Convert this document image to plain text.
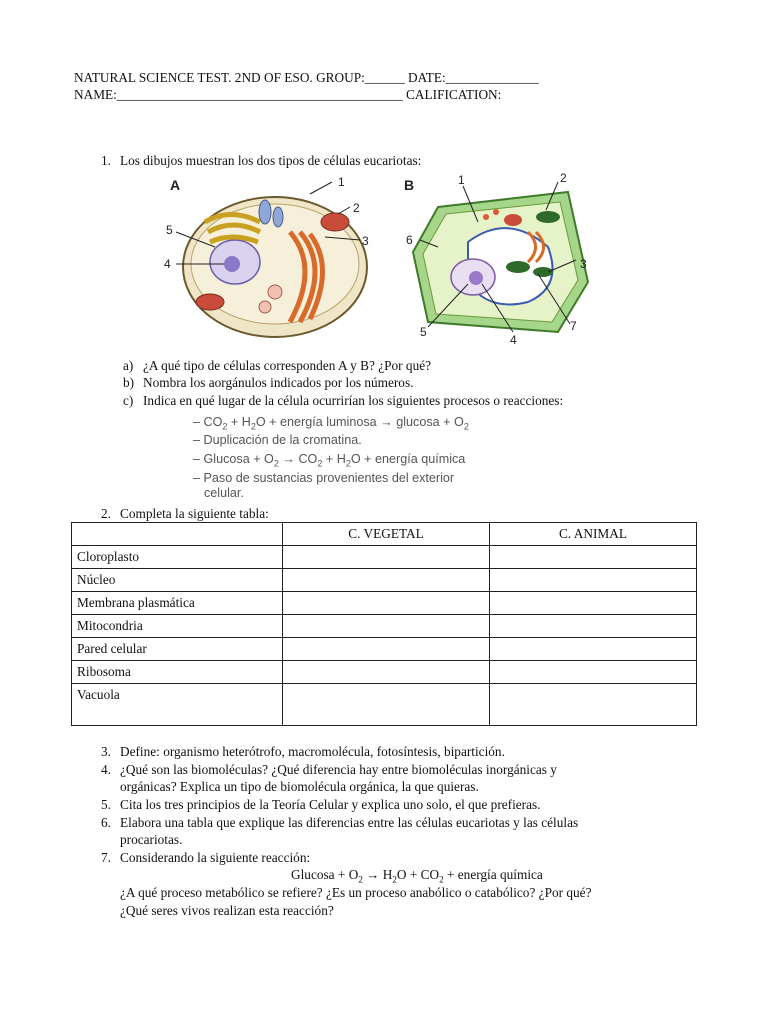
NATURAL SCIENCE TEST. 2ND OF ESO. GROUP:______ DATE:______________
NAME:___________________________________________ CALIFICATION:
1. Los dibujos muestran los dos tipos de células eucariotas:
A	1
2
3
4
5
B	1	2
3
5
4
6
7
a) ¿A qué tipo de células corresponden A y B? ¿Por qué?
b) Nombra los aorgánulos indicados por los números.
c) Indica en qué lugar de la célula ocurrirían los siguientes procesos o reacciones:
– $CO_2 + H_2O$ + energía luminosa → $glucosa + O_2$
– Duplicación de la cromatina.
– $Glucosa + O_2 \to CO_2 + H_2O$ + energía química
– Paso de sustancias provenientes del exterior
celular.
2. Completa la siguiente tabla:
	C. VEGETAL	C. ANIMAL
Cloroplasto		
Núcleo		
Membrana plasmática		
Mitocondria		
Pared celular		
Ribosoma		
Vacuola		
3. Define: organismo heterótrofo, macromolécula, fotosíntesis, bipartición.
4. ¿Qué son las biomoléculas? ¿Qué diferencia hay entre biomoléculas inorgánicas y
orgánicas? Explica un tipo de biomolécula orgánica, la que quieras.
5. Cita los tres principios de la Teoría Celular y explica uno solo, el que prefieras.
6. Elabora una tabla que explique las diferencias entre las células eucariotas y las células
procariotas.
7. Considerando la siguiente reacción:
$Glucosa + O_2 \to H_2O + CO_2$ + energía química
¿A qué proceso metabólico se refiere? ¿Es un proceso anabólico o catabólico? ¿Por qué?
¿Qué seres vivos realizan esta reacción?
